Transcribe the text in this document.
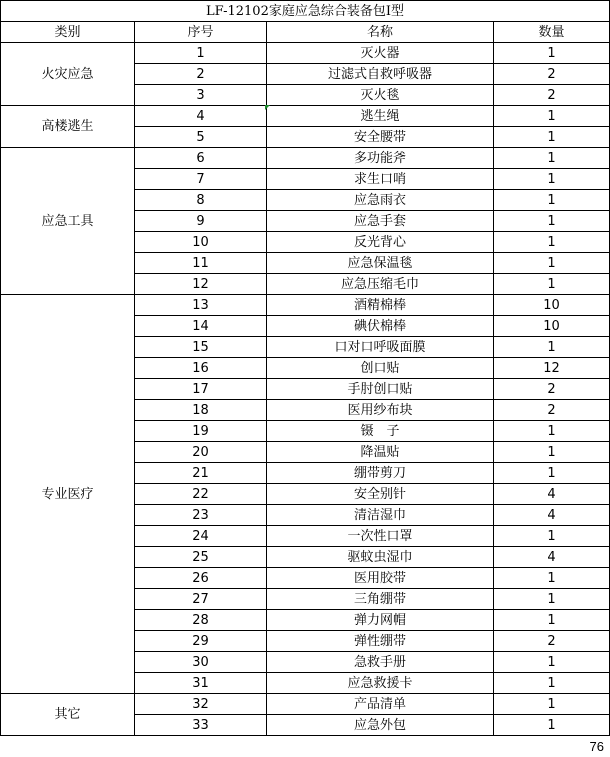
LF-12102家庭应急综合装备包I型			
类别	序号	名称	数量
火灾应急	1	灭火器	1
	2	过滤式自救呼吸器	2
	3	灭火毯	2
高楼逃生	4	逃生绳	1
	5	安全腰带	1
应急工具	6	多功能斧	1
	7	求生口哨	1
	8	应急雨衣	1
	9	应急手套	1
	10	反光背心	1
	11	应急保温毯	1
	12	应急压缩毛巾	1
专业医疗	13	酒精棉棒	10
	14	碘伏棉棒	10
	15	口对口呼吸面膜	1
	16	创口贴	12
	17	手肘创口贴	2
	18	医用纱布块	2
	19	镊　子	1
	20	降温贴	1
	21	绷带剪刀	1
	22	安全别针	4
	23	清洁湿巾	4
	24	一次性口罩	1
	25	驱蚊虫湿巾	4
	26	医用胶带	1
	27	三角绷带	1
	28	弹力网帽	1
	29	弹性绷带	2
	30	急救手册	1
	31	应急救援卡	1
其它	32	产品清单	1
	33	应急外包	1
76
